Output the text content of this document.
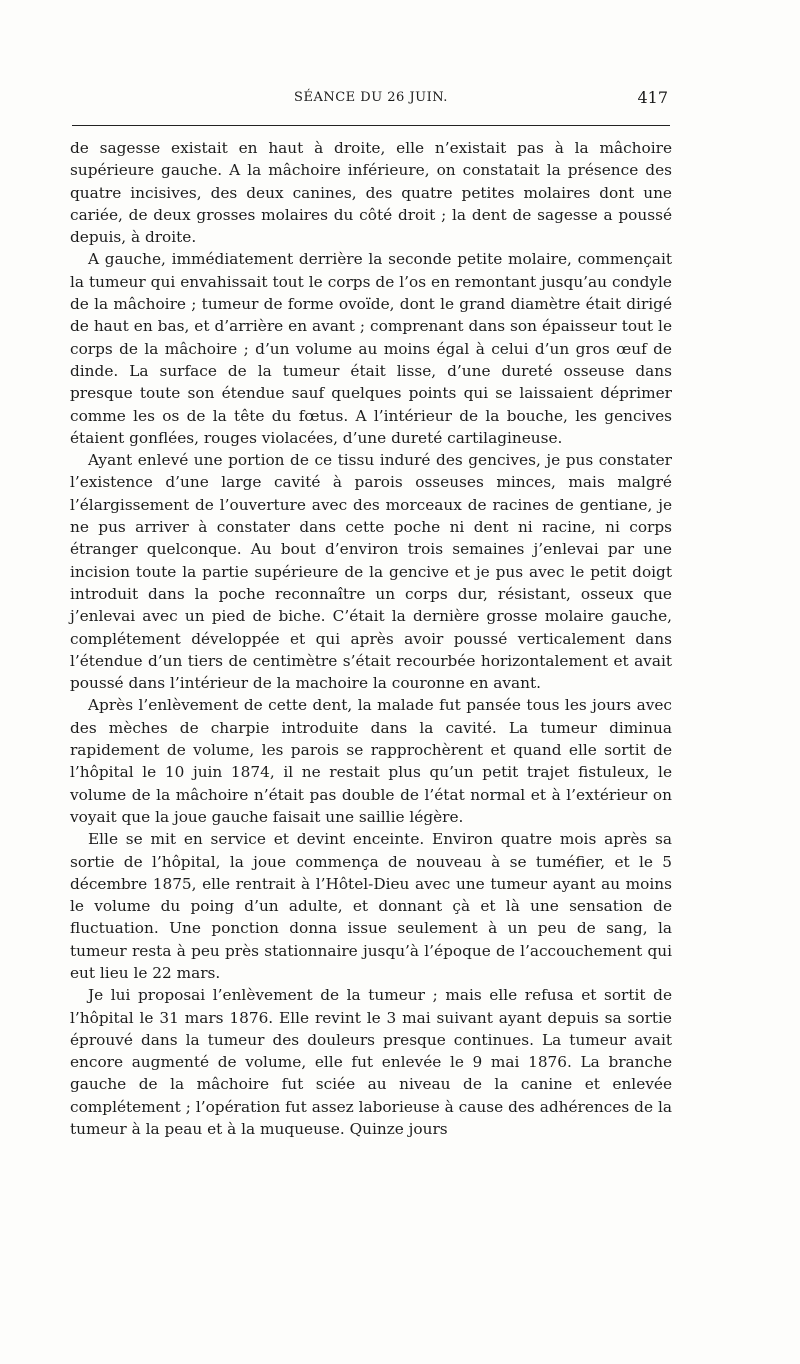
SÉANCE DU 26 JUIN.	417

de sagesse existait en haut à droite, elle n’existait pas à la mâchoire supérieure gauche. A la mâchoire inférieure, on constatait la présence des quatre incisives, des deux canines, des quatre petites molaires dont une cariée, de deux grosses molaires du côté droit ; la dent de sagesse a poussé depuis, à droite.

A gauche, immédiatement derrière la seconde petite molaire, commençait la tumeur qui envahissait tout le corps de l’os en remontant jusqu’au condyle de la mâchoire ; tumeur de forme ovoïde, dont le grand diamètre était dirigé de haut en bas, et d’arrière en avant ; comprenant dans son épaisseur tout le corps de la mâchoire ; d’un volume au moins égal à celui d’un gros œuf de dinde. La surface de la tumeur était lisse, d’une dureté osseuse dans presque toute son étendue sauf quelques points qui se laissaient déprimer comme les os de la tête du fœtus. A l’intérieur de la bouche, les gencives étaient gonflées, rouges violacées, d’une dureté cartilagineuse.

Ayant enlevé une portion de ce tissu induré des gencives, je pus constater l’existence d’une large cavité à parois osseuses minces, mais malgré l’élargissement de l’ouverture avec des morceaux de racines de gentiane, je ne pus arriver à constater dans cette poche ni dent ni racine, ni corps étranger quelconque. Au bout d’environ trois semaines j’enlevai par une incision toute la partie supérieure de la gencive et je pus avec le petit doigt introduit dans la poche reconnaître un corps dur, résistant, osseux que j’enlevai avec un pied de biche. C’était la dernière grosse molaire gauche, complétement développée et qui après avoir poussé verticalement dans l’étendue d’un tiers de centimètre s’était recourbée horizontalement et avait poussé dans l’intérieur de la machoire la couronne en avant.

Après l’enlèvement de cette dent, la malade fut pansée tous les jours avec des mèches de charpie introduite dans la cavité. La tumeur diminua rapidement de volume, les parois se rapprochèrent et quand elle sortit de l’hôpital le 10 juin 1874, il ne restait plus qu’un petit trajet fistuleux, le volume de la mâchoire n’était pas double de l’état normal et à l’extérieur on voyait que la joue gauche faisait une saillie légère.

Elle se mit en service et devint enceinte. Environ quatre mois après sa sortie de l’hôpital, la joue commença de nouveau à se tuméfier, et le 5 décembre 1875, elle rentrait à l’Hôtel-Dieu avec une tumeur ayant au moins le volume du poing d’un adulte, et donnant çà et là une sensation de fluctuation. Une ponction donna issue seulement à un peu de sang, la tumeur resta à peu près stationnaire jusqu’à l’époque de l’accouchement qui eut lieu le 22 mars.

Je lui proposai l’enlèvement de la tumeur ; mais elle refusa et sortit de l’hôpital le 31 mars 1876. Elle revint le 3 mai suivant ayant depuis sa sortie éprouvé dans la tumeur des douleurs presque continues. La tumeur avait encore augmenté de volume, elle fut enlevée le 9 mai 1876. La branche gauche de la mâchoire fut sciée au niveau de la canine et enlevée complétement ; l’opération fut assez laborieuse à cause des adhérences de la tumeur à la peau et à la muqueuse. Quinze jours
